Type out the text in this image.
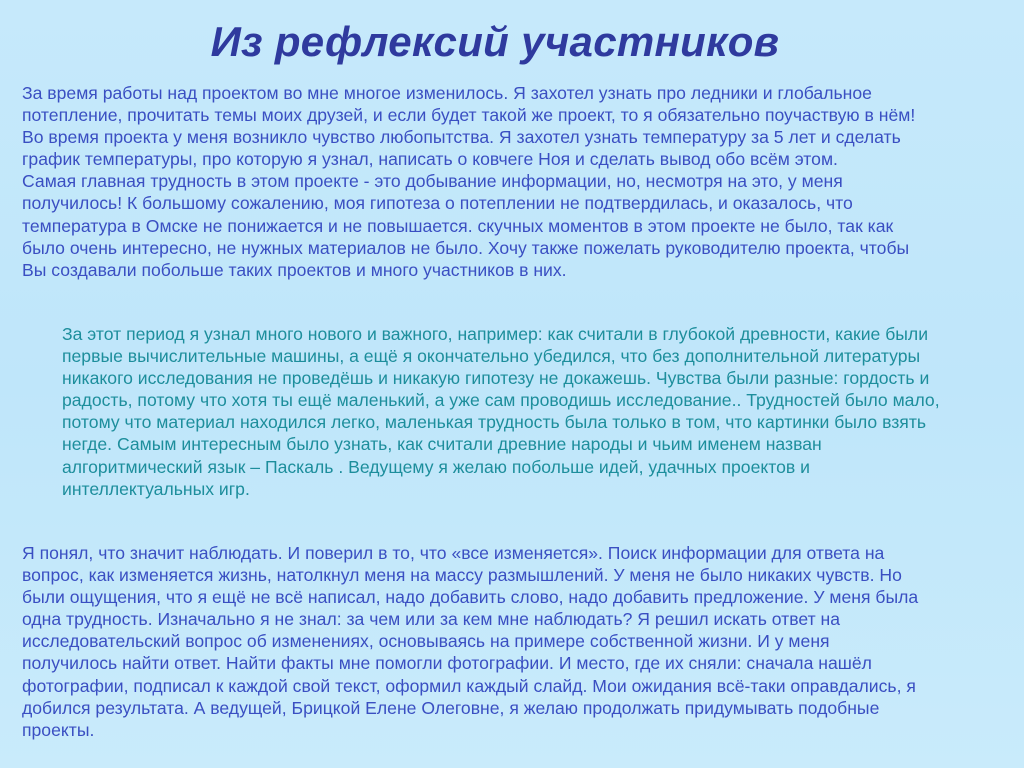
Из рефлексий участников

За время работы над проектом во мне многое изменилось. Я захотел узнать про ледники и глобальное
потепление, прочитать темы моих друзей, и если будет такой же проект, то я обязательно поучаствую в нём!
Во время проекта у меня возникло чувство любопытства. Я захотел узнать температуру за 5 лет и сделать
график температуры, про которую я узнал, написать о ковчеге Ноя и сделать вывод обо всём этом.
Самая главная трудность в этом проекте - это добывание информации, но, несмотря на это, у меня
получилось! К большому сожалению, моя гипотеза о потеплении не подтвердилась, и оказалось, что
температура в Омске не понижается и не повышается. скучных моментов в этом проекте не было, так как
было очень интересно, не нужных материалов не было. Хочу также пожелать руководителю проекта, чтобы
Вы создавали побольше таких проектов и много участников в них.

За этот период я узнал много нового и важного, например: как считали в глубокой древности, какие были
первые вычислительные машины, а ещё я окончательно убедился, что без дополнительной литературы
никакого исследования не проведёшь и никакую гипотезу не докажешь. Чувства были разные: гордость и
радость, потому что хотя ты ещё маленький, а уже сам проводишь исследование.. Трудностей было мало,
потому что материал находился легко, маленькая трудность была только в том, что картинки было взять
негде. Самым интересным было узнать, как считали древние народы и чьим именем назван
алгоритмический язык – Паскаль . Ведущему я желаю побольше идей, удачных проектов и
интеллектуальных игр.

Я понял, что значит наблюдать. И поверил в то, что «все изменяется». Поиск информации для ответа на
вопрос, как изменяется жизнь, натолкнул меня на массу размышлений. У меня не было никаких чувств. Но
были ощущения, что я ещё не всё написал, надо добавить слово, надо добавить предложение. У меня была
одна трудность. Изначально я не знал: за чем или за кем мне наблюдать? Я решил искать ответ на
исследовательский вопрос об изменениях, основываясь на примере собственной жизни. И у меня
получилось найти ответ. Найти факты мне помогли фотографии. И место, где их сняли: сначала нашёл
фотографии, подписал к каждой свой текст, оформил каждый слайд. Мои ожидания всё-таки оправдались, я
добился результата. А ведущей, Брицкой Елене Олеговне, я желаю продолжать придумывать подобные
проекты.
